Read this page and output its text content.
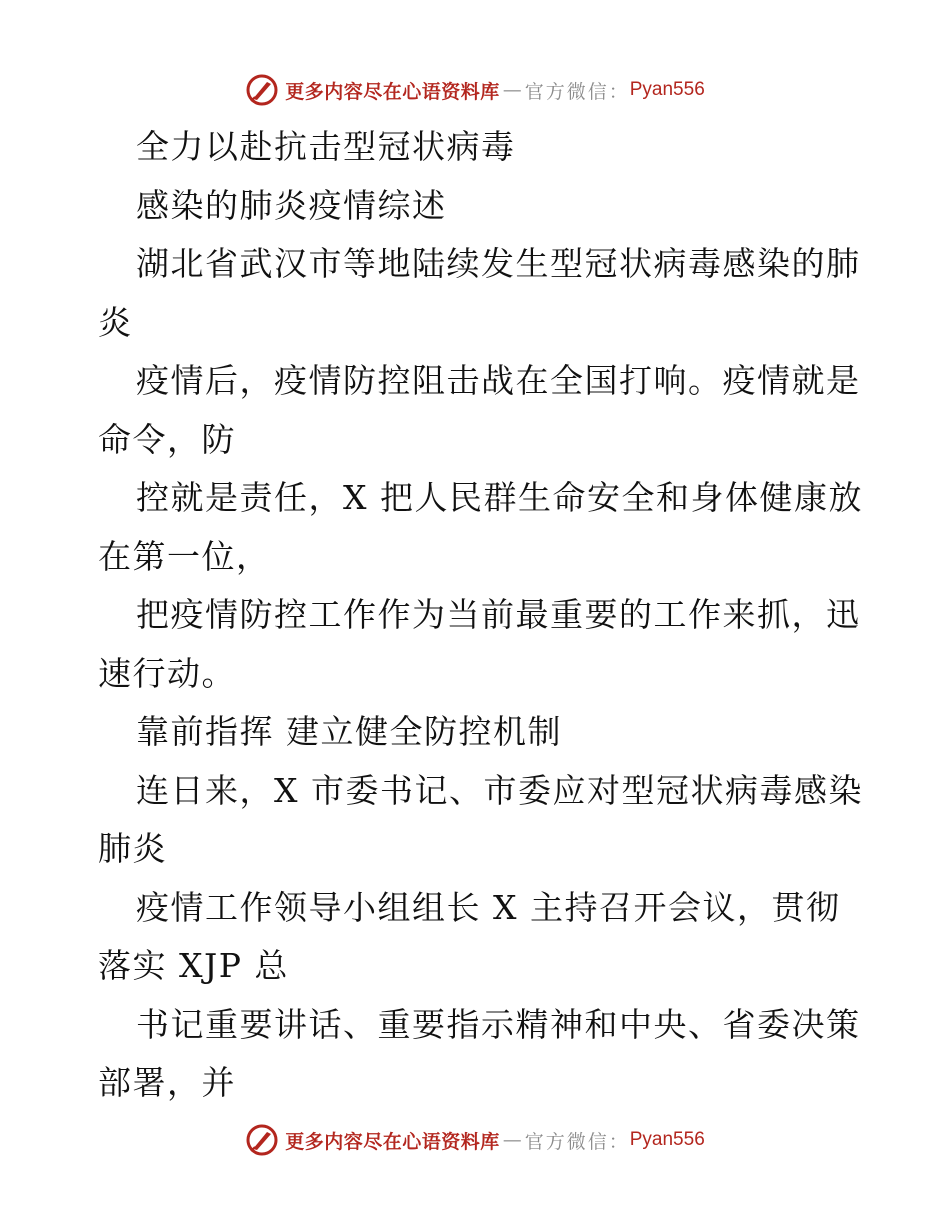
更多内容尽在心语资料库 — 官方微信： Pyan556
全力以赴抗击型冠状病毒
感染的肺炎疫情综述
湖北省武汉市等地陆续发生型冠状病毒感染的肺
炎
疫情后，疫情防控阻击战在全国打响。疫情就是
命令，防
控就是责任，X 把人民群生命安全和身体健康放
在第一位，
把疫情防控工作作为当前最重要的工作来抓，迅
速行动。
靠前指挥 建立健全防控机制
连日来，X 市委书记、市委应对型冠状病毒感染
肺炎
疫情工作领导小组组长 X 主持召开会议，贯彻
落实 XJP 总
书记重要讲话、重要指示精神和中央、省委决策
部署，并
更多内容尽在心语资料库 — 官方微信： Pyan556
